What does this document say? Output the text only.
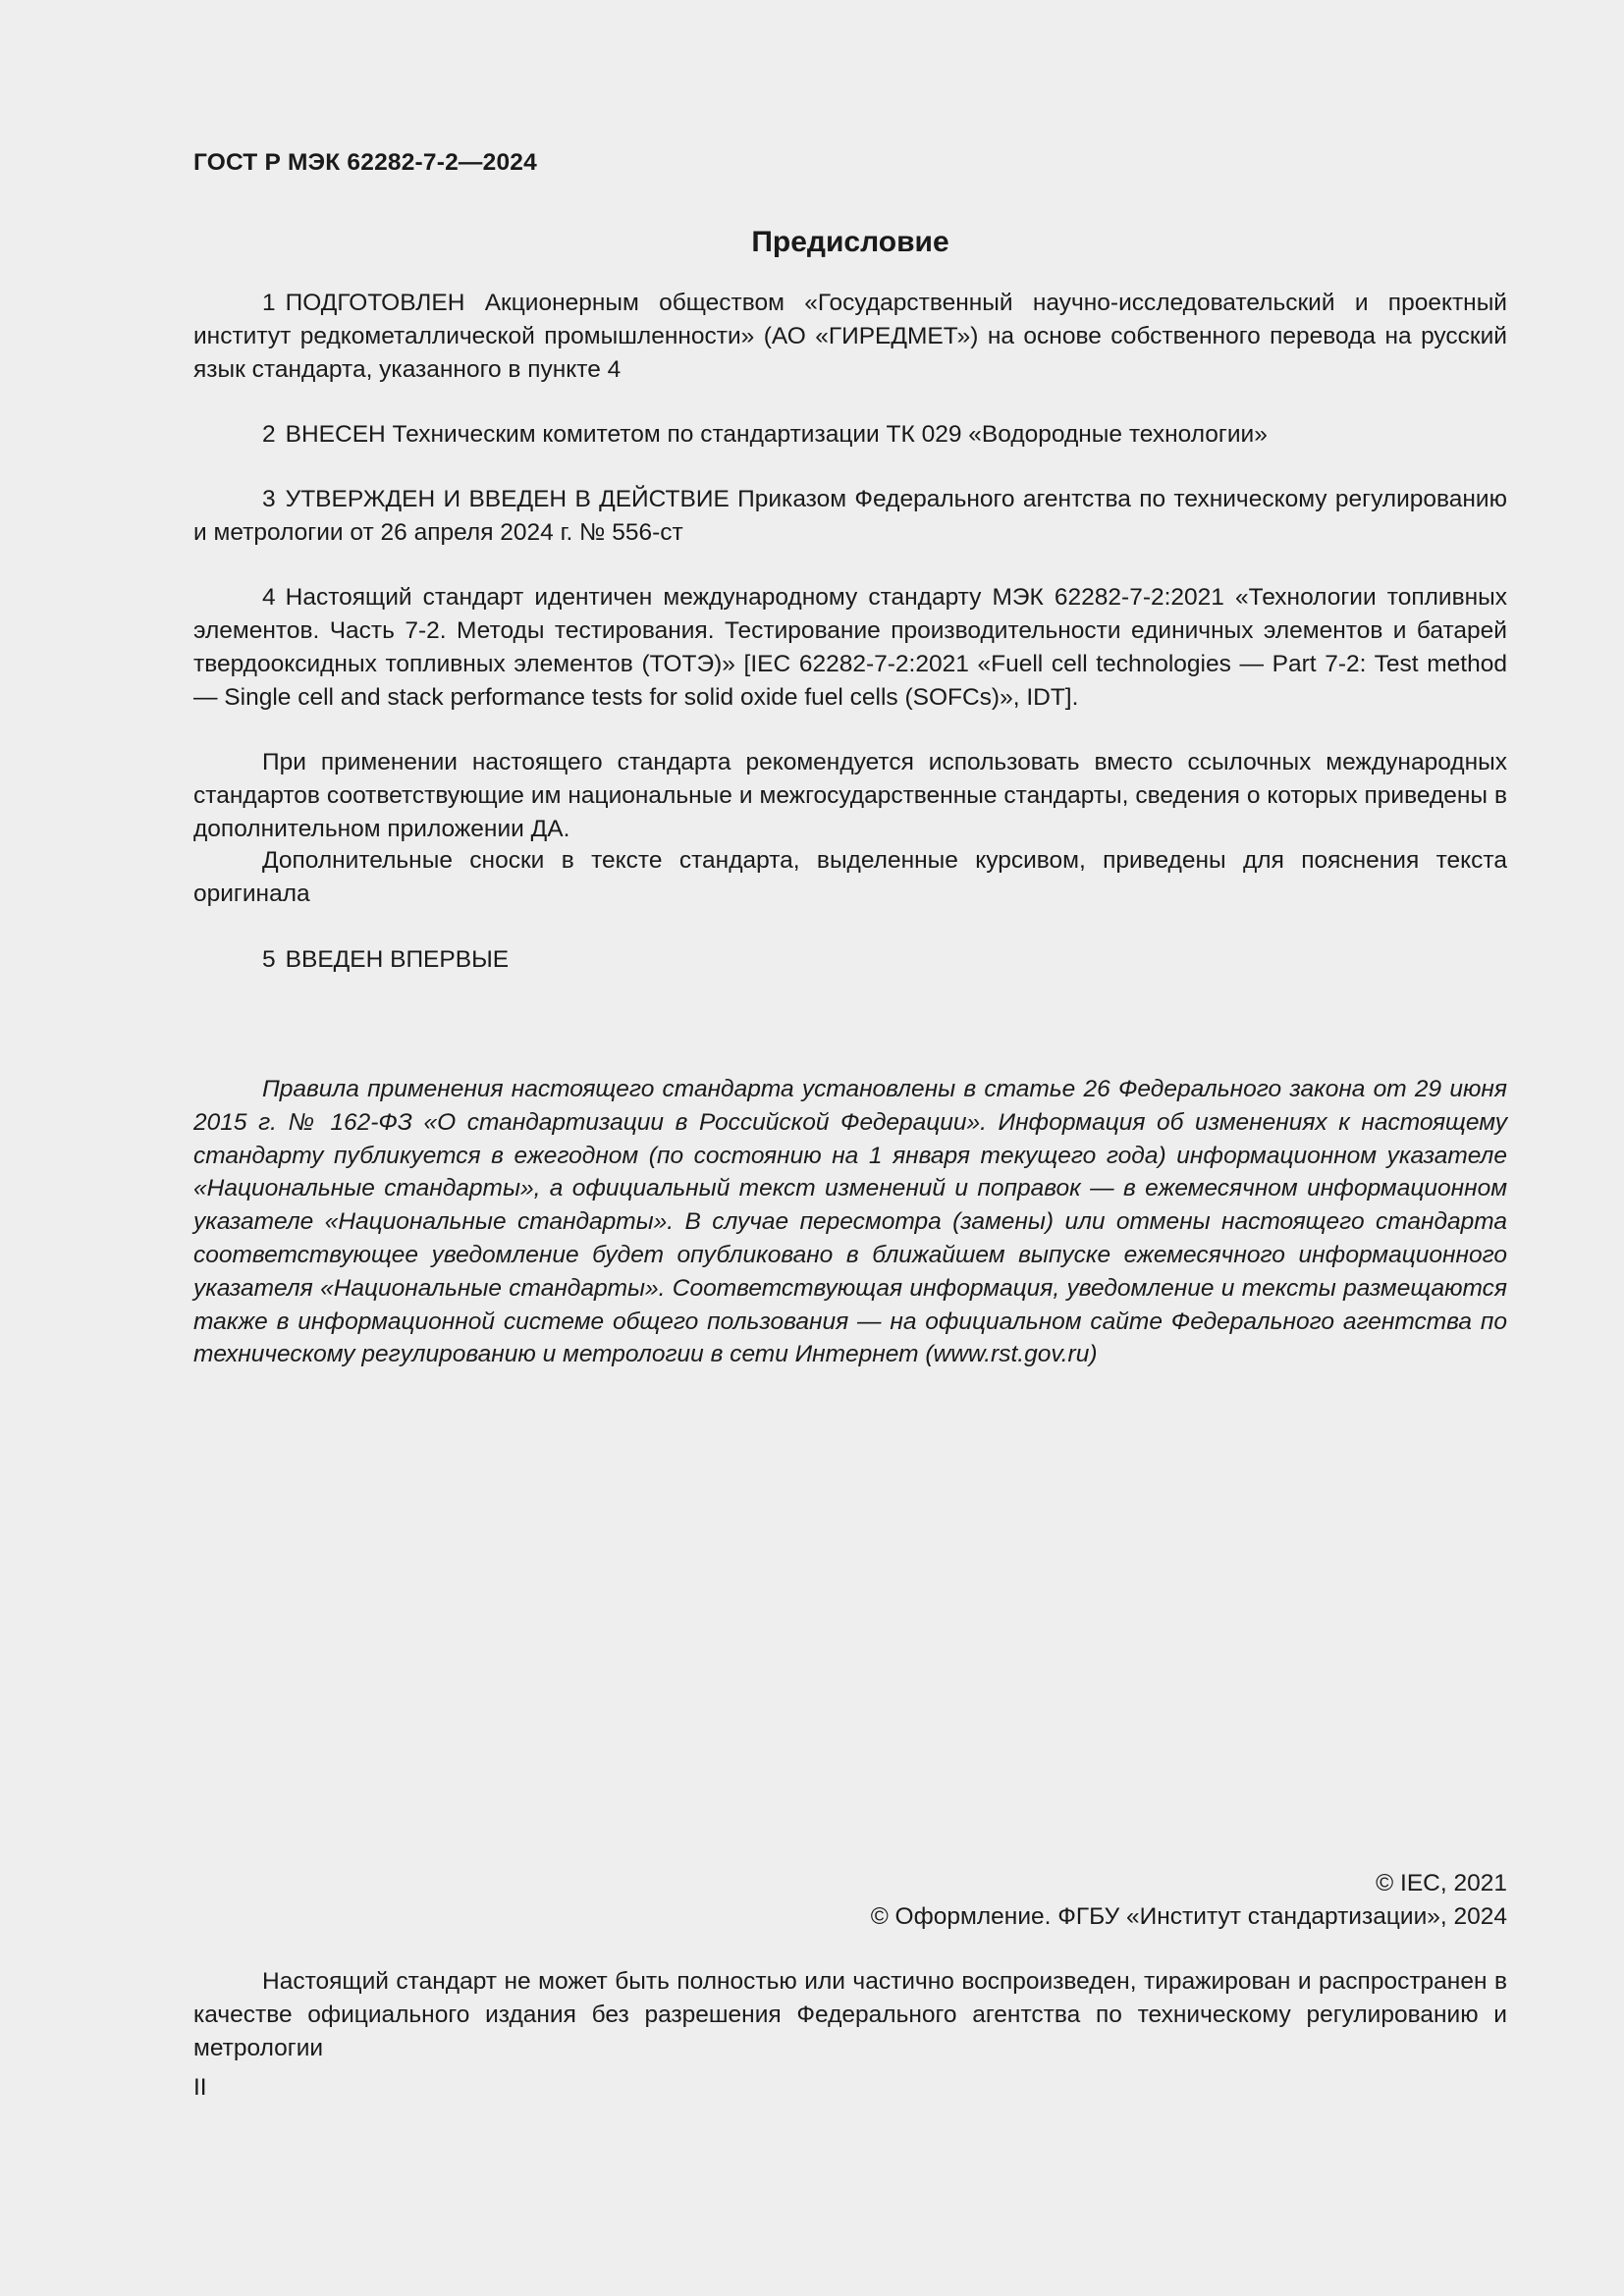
ГОСТ Р МЭК 62282-7-2—2024
Предисловие

1 ПОДГОТОВЛЕН Акционерным обществом «Государственный научно-исследовательский и проектный институт редкометаллической промышленности» (АО «ГИРЕДМЕТ») на основе собственного перевода на русский язык стандарта, указанного в пункте 4

2 ВНЕСЕН Техническим комитетом по стандартизации ТК 029 «Водородные технологии»

3 УТВЕРЖДЕН И ВВЕДЕН В ДЕЙСТВИЕ Приказом Федерального агентства по техническому регулированию и метрологии от 26 апреля 2024 г. № 556-ст

4 Настоящий стандарт идентичен международному стандарту МЭК 62282-7-2:2021 «Технологии топливных элементов. Часть 7-2. Методы тестирования. Тестирование производительности единичных элементов и батарей твердооксидных топливных элементов (ТОТЭ)» [IEC 62282-7-2:2021 «Fuell cell technologies — Part 7-2: Test method — Single cell and stack performance tests for solid oxide fuel cells (SOFCs)», IDT].

При применении настоящего стандарта рекомендуется использовать вместо ссылочных международных стандартов соответствующие им национальные и межгосударственные стандарты, сведения о которых приведены в дополнительном приложении ДА.

Дополнительные сноски в тексте стандарта, выделенные курсивом, приведены для пояснения текста оригинала

5 ВВЕДЕН ВПЕРВЫЕ

Правила применения настоящего стандарта установлены в статье 26 Федерального закона от 29 июня 2015 г. № 162-ФЗ «О стандартизации в Российской Федерации». Информация об изменениях к настоящему стандарту публикуется в ежегодном (по состоянию на 1 января текущего года) информационном указателе «Национальные стандарты», а официальный текст изменений и поправок — в ежемесячном информационном указателе «Национальные стандарты». В случае пересмотра (замены) или отмены настоящего стандарта соответствующее уведомление будет опубликовано в ближайшем выпуске ежемесячного информационного указателя «Национальные стандарты». Соответствующая информация, уведомление и тексты размещаются также в информационной системе общего пользования — на официальном сайте Федерального агентства по техническому регулированию и метрологии в сети Интернет (www.rst.gov.ru)

© IEC, 2021
© Оформление. ФГБУ «Институт стандартизации», 2024

Настоящий стандарт не может быть полностью или частично воспроизведен, тиражирован и распространен в качестве официального издания без разрешения Федерального агентства по техническому регулированию и метрологии

II
